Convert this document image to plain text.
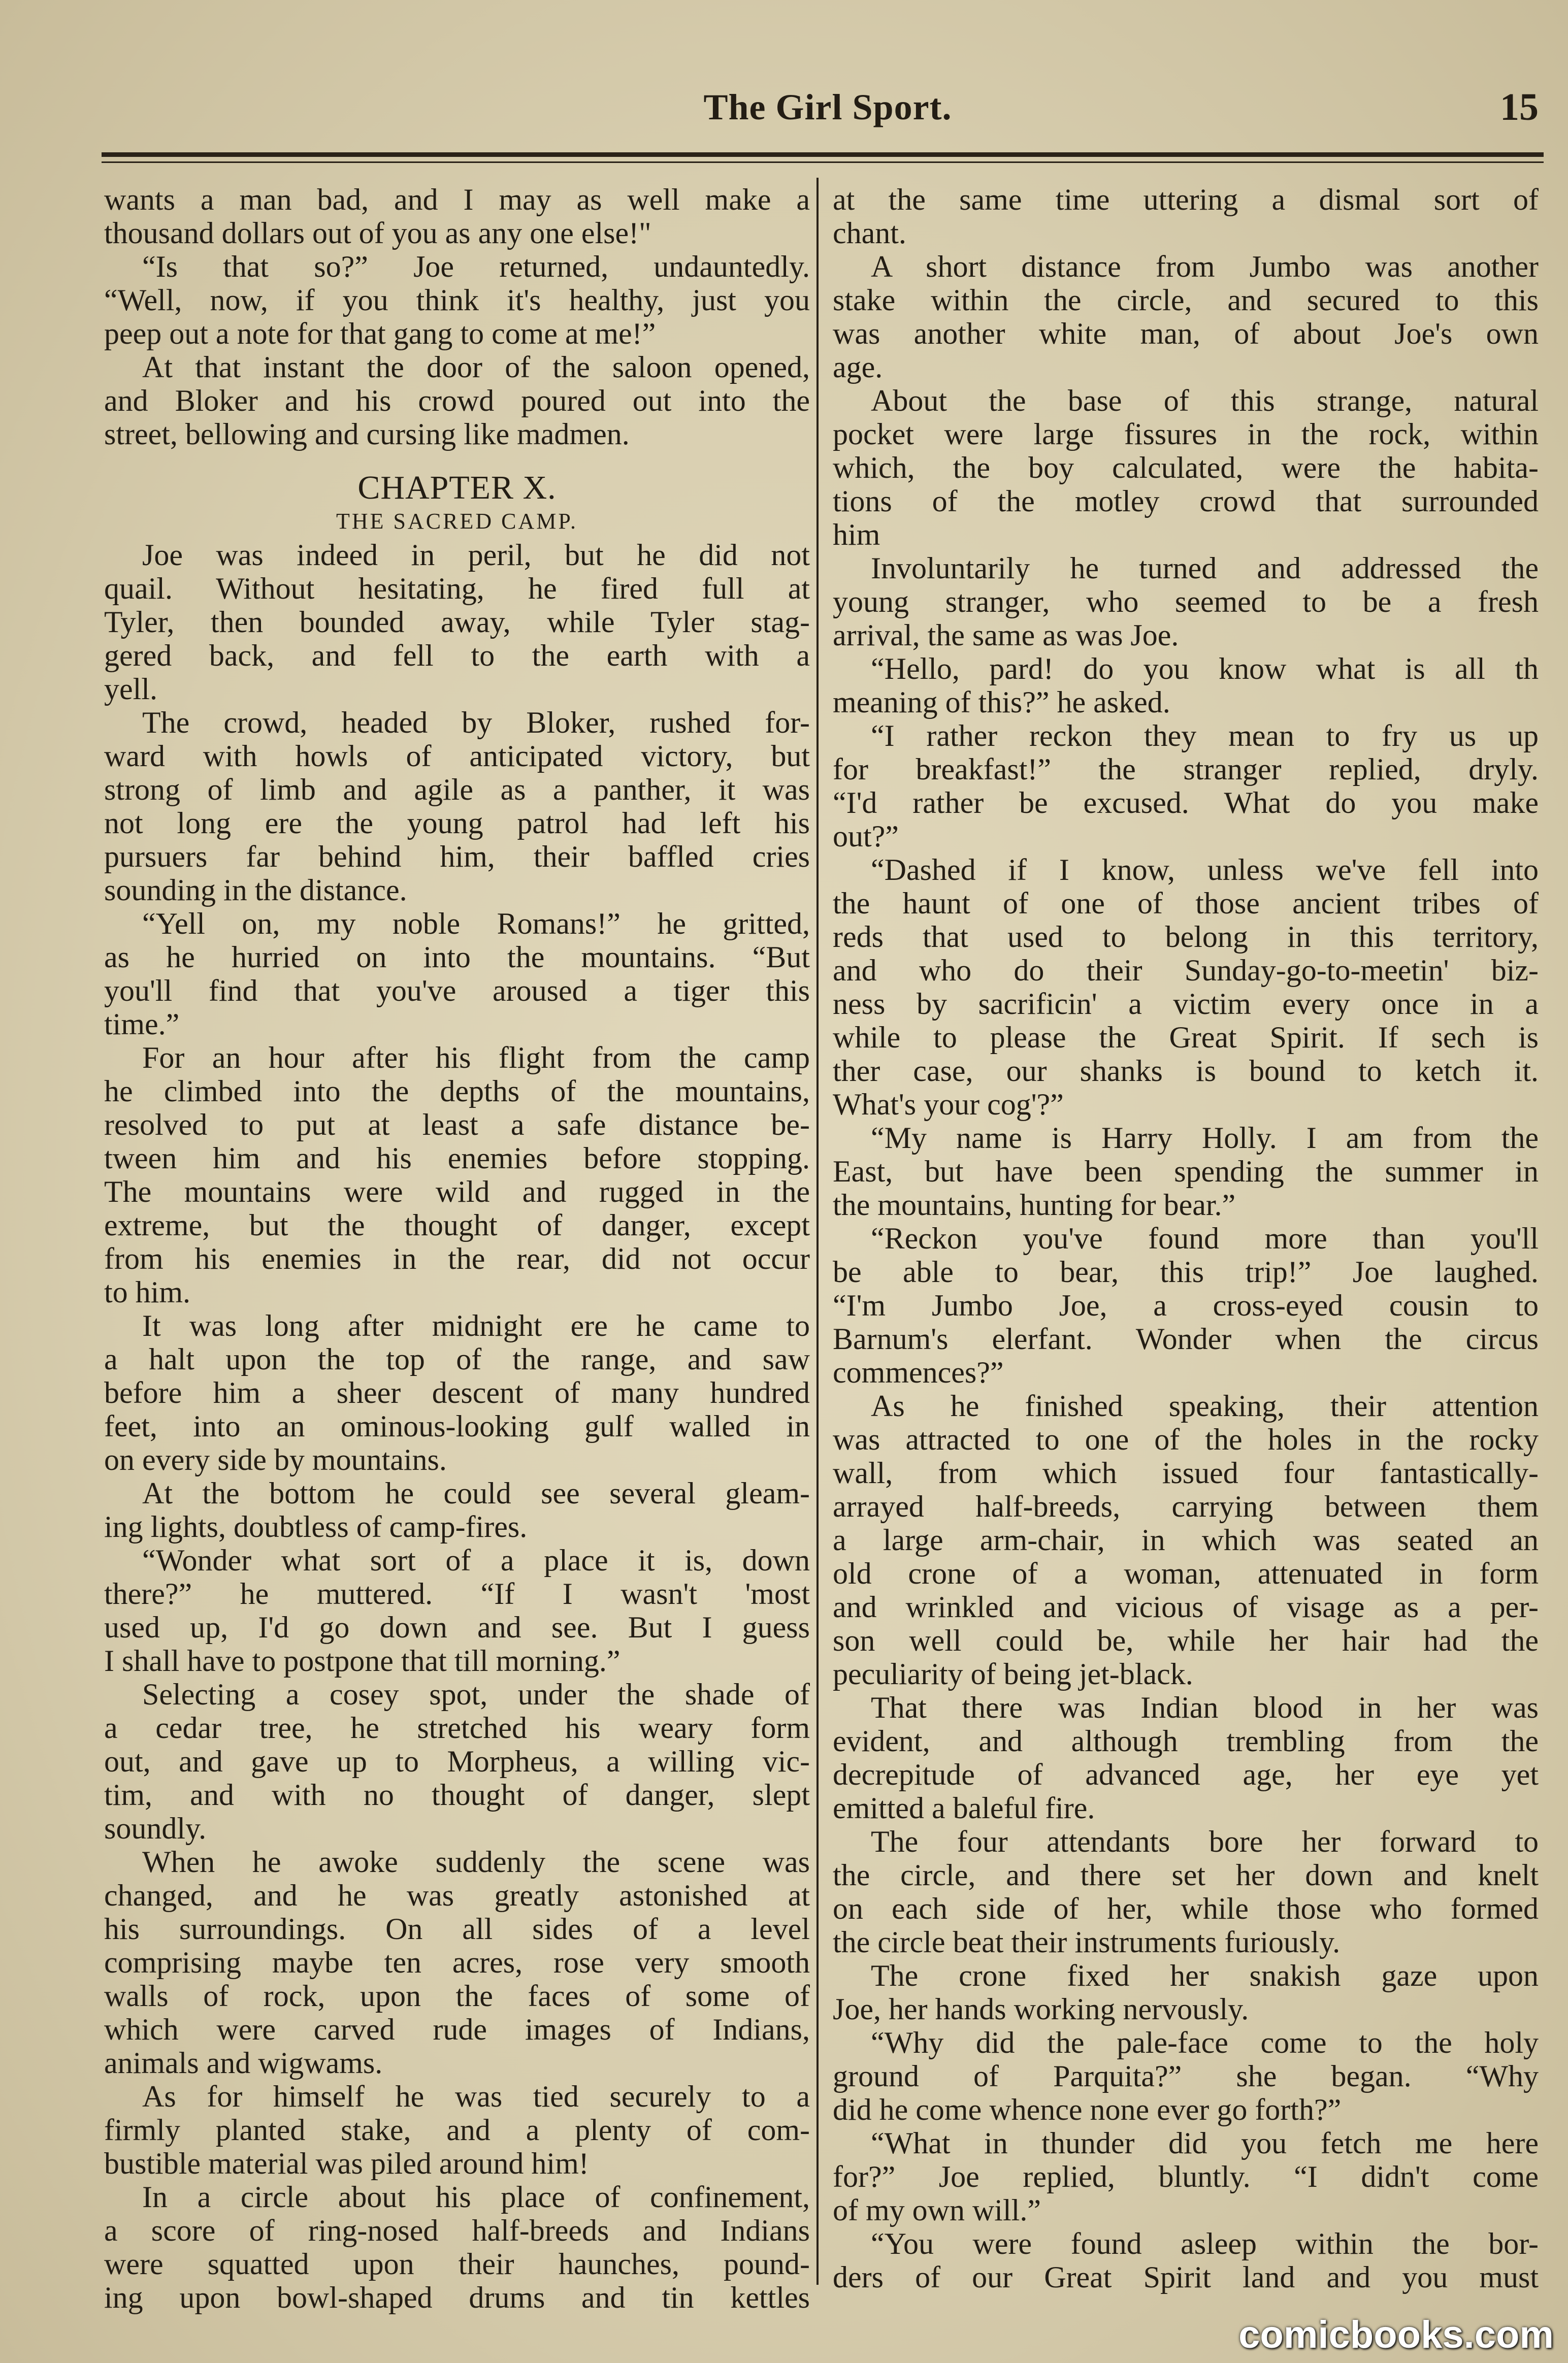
The Girl Sport.	15
wants a man bad, and I may as well make a
thousand dollars out of you as any one else!"
“Is that so?” Joe returned, undauntedly.
“Well, now, if you think it's healthy, just you
peep out a note for that gang to come at me!”
At that instant the door of the saloon opened,
and Bloker and his crowd poured out into the
street, bellowing and cursing like madmen.
CHAPTER X.
THE SACRED CAMP.
Joe was indeed in peril, but he did not
quail. Without hesitating, he fired full at
Tyler, then bounded away, while Tyler stag-
gered back, and fell to the earth with a
yell.
The crowd, headed by Bloker, rushed for-
ward with howls of anticipated victory, but
strong of limb and agile as a panther, it was
not long ere the young patrol had left his
pursuers far behind him, their baffled cries
sounding in the distance.
“Yell on, my noble Romans!” he gritted,
as he hurried on into the mountains. “But
you'll find that you've aroused a tiger this
time.”
For an hour after his flight from the camp
he climbed into the depths of the mountains,
resolved to put at least a safe distance be-
tween him and his enemies before stopping.
The mountains were wild and rugged in the
extreme, but the thought of danger, except
from his enemies in the rear, did not occur
to him.
It was long after midnight ere he came to
a halt upon the top of the range, and saw
before him a sheer descent of many hundred
feet, into an ominous-looking gulf walled in
on every side by mountains.
At the bottom he could see several gleam-
ing lights, doubtless of camp-fires.
“Wonder what sort of a place it is, down
there?” he muttered. “If I wasn't 'most
used up, I'd go down and see. But I guess
I shall have to postpone that till morning.”
Selecting a cosey spot, under the shade of
a cedar tree, he stretched his weary form
out, and gave up to Morpheus, a willing vic-
tim, and with no thought of danger, slept
soundly.
When he awoke suddenly the scene was
changed, and he was greatly astonished at
his surroundings. On all sides of a level
comprising maybe ten acres, rose very smooth
walls of rock, upon the faces of some of
which were carved rude images of Indians,
animals and wigwams.
As for himself he was tied securely to a
firmly planted stake, and a plenty of com-
bustible material was piled around him!
In a circle about his place of confinement,
a score of ring-nosed half-breeds and Indians
were squatted upon their haunches, pound-
ing upon bowl-shaped drums and tin kettles
at the same time uttering a dismal sort of
chant.
A short distance from Jumbo was another
stake within the circle, and secured to this
was another white man, of about Joe's own
age.
About the base of this strange, natural
pocket were large fissures in the rock, within
which, the boy calculated, were the habita-
tions of the motley crowd that surrounded
him
Involuntarily he turned and addressed the
young stranger, who seemed to be a fresh
arrival, the same as was Joe.
“Hello, pard! do you know what is all th
meaning of this?” he asked.
“I rather reckon they mean to fry us up
for breakfast!” the stranger replied, dryly.
“I'd rather be excused. What do you make
out?”
“Dashed if I know, unless we've fell into
the haunt of one of those ancient tribes of
reds that used to belong in this territory,
and who do their Sunday-go-to-meetin' biz-
ness by sacrificin' a victim every once in a
while to please the Great Spirit. If sech is
ther case, our shanks is bound to ketch it.
What's your cog'?”
“My name is Harry Holly. I am from the
East, but have been spending the summer in
the mountains, hunting for bear.”
“Reckon you've found more than you'll
be able to bear, this trip!” Joe laughed.
“I'm Jumbo Joe, a cross-eyed cousin to
Barnum's elerfant. Wonder when the circus
commences?”
As he finished speaking, their attention
was attracted to one of the holes in the rocky
wall, from which issued four fantastically-
arrayed half-breeds, carrying between them
a large arm-chair, in which was seated an
old crone of a woman, attenuated in form
and wrinkled and vicious of visage as a per-
son well could be, while her hair had the
peculiarity of being jet-black.
That there was Indian blood in her was
evident, and although trembling from the
decrepitude of advanced age, her eye yet
emitted a baleful fire.
The four attendants bore her forward to
the circle, and there set her down and knelt
on each side of her, while those who formed
the circle beat their instruments furiously.
The crone fixed her snakish gaze upon
Joe, her hands working nervously.
“Why did the pale-face come to the holy
ground of Parquita?” she began. “Why
did he come whence none ever go forth?”
“What in thunder did you fetch me here
for?” Joe replied, bluntly. “I didn't come
of my own will.”
“You were found asleep within the bor-
ders of our Great Spirit land and you must
comicbooks.com
